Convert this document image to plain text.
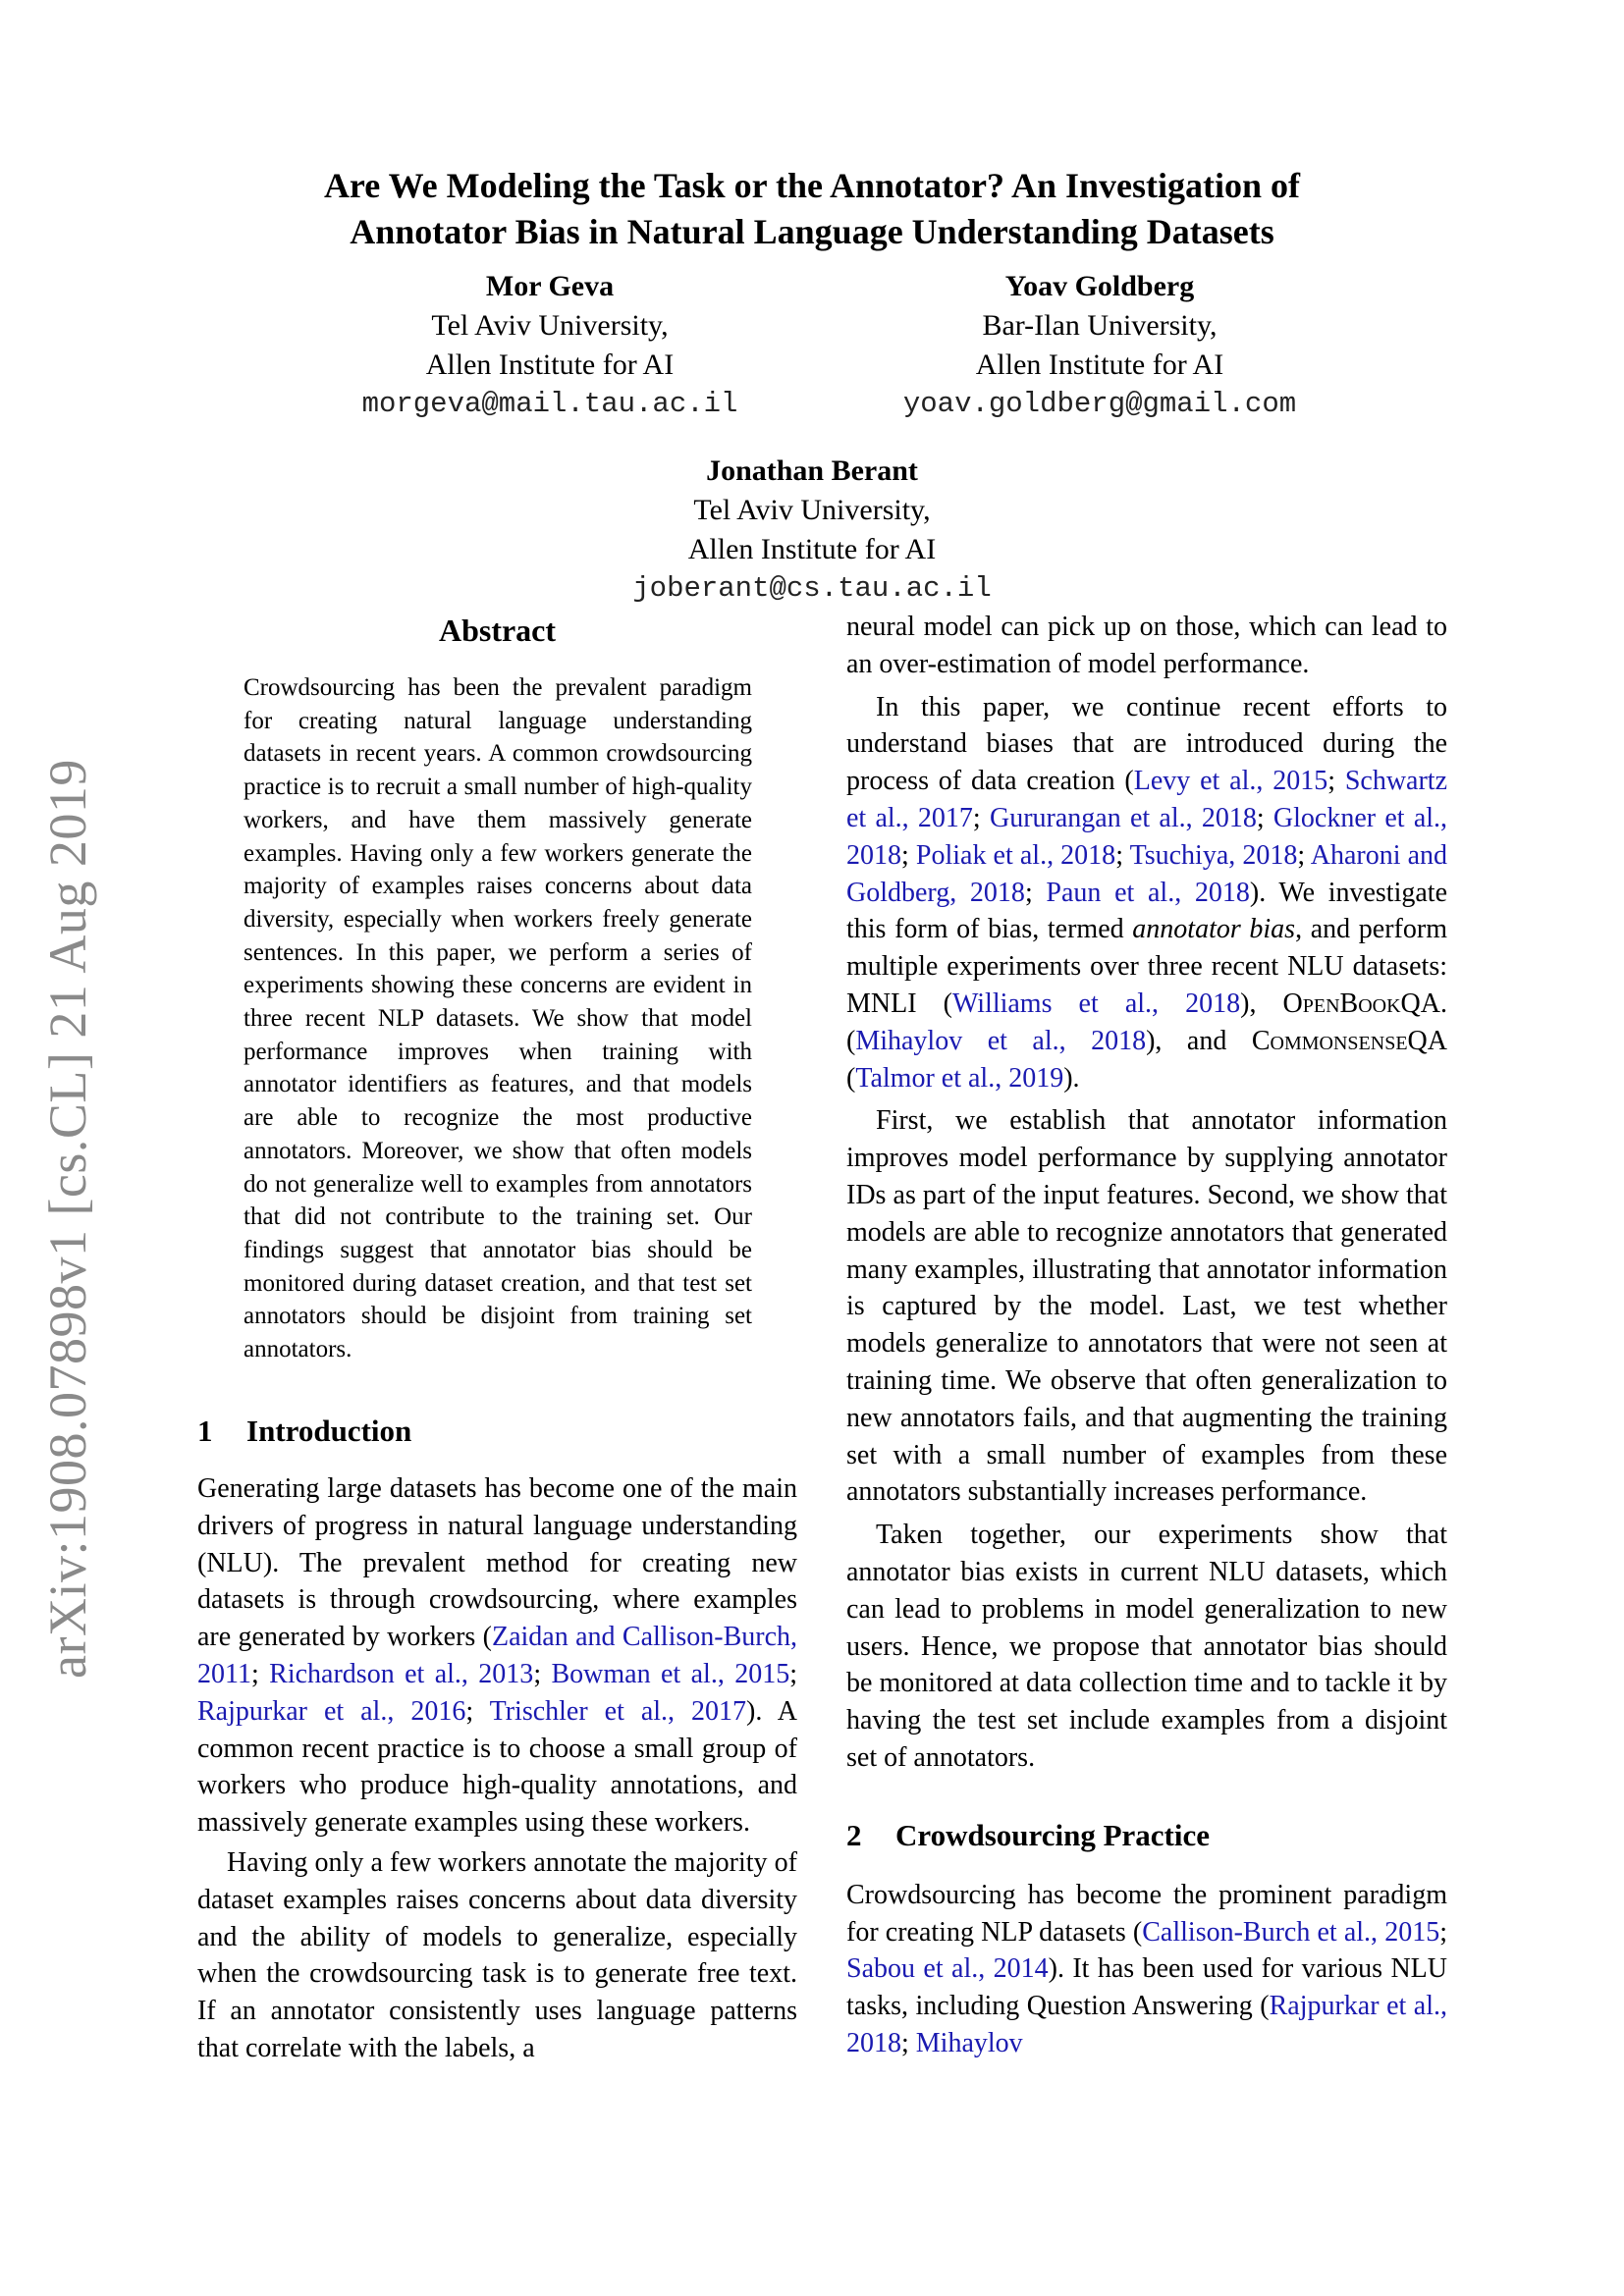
Are We Modeling the Task or the Annotator? An Investigation of
Annotator Bias in Natural Language Understanding Datasets
Mor Geva
Tel Aviv University,
Allen Institute for AI
morgeva@mail.tau.ac.il
Yoav Goldberg
Bar-Ilan University,
Allen Institute for AI
yoav.goldberg@gmail.com
Jonathan Berant
Tel Aviv University,
Allen Institute for AI
joberant@cs.tau.ac.il
arXiv:1908.07898v1 [cs.CL] 21 Aug 2019
Abstract
Crowdsourcing has been the prevalent paradigm for creating natural language understanding datasets in recent years. A common crowdsourcing practice is to recruit a small number of high-quality workers, and have them massively generate examples. Having only a few workers generate the majority of examples raises concerns about data diversity, especially when workers freely generate sentences. In this paper, we perform a series of experiments showing these concerns are evident in three recent NLP datasets. We show that model performance improves when training with annotator identifiers as features, and that models are able to recognize the most productive annotators. Moreover, we show that often models do not generalize well to examples from annotators that did not contribute to the training set. Our findings suggest that annotator bias should be monitored during dataset creation, and that test set annotators should be disjoint from training set annotators.
1 Introduction

Generating large datasets has become one of the main drivers of progress in natural language understanding (NLU). The prevalent method for creating new datasets is through crowdsourcing, where examples are generated by workers (Zaidan and Callison-Burch, 2011; Richardson et al., 2013; Bowman et al., 2015; Rajpurkar et al., 2016; Trischler et al., 2017). A common recent practice is to choose a small group of workers who produce high-quality annotations, and massively generate examples using these workers.

Having only a few workers annotate the majority of dataset examples raises concerns about data diversity and the ability of models to generalize, especially when the crowdsourcing task is to generate free text. If an annotator consistently uses language patterns that correlate with the labels, a

neural model can pick up on those, which can lead to an over-estimation of model performance.

In this paper, we continue recent efforts to understand biases that are introduced during the process of data creation (Levy et al., 2015; Schwartz et al., 2017; Gururangan et al., 2018; Glockner et al., 2018; Poliak et al., 2018; Tsuchiya, 2018; Aharoni and Goldberg, 2018; Paun et al., 2018). We investigate this form of bias, termed annotator bias, and perform multiple experiments over three recent NLU datasets: MNLI (Williams et al., 2018), OpenBookQA. (Mihaylov et al., 2018), and CommonsenseQA (Talmor et al., 2019).

First, we establish that annotator information improves model performance by supplying annotator IDs as part of the input features. Second, we show that models are able to recognize annotators that generated many examples, illustrating that annotator information is captured by the model. Last, we test whether models generalize to annotators that were not seen at training time. We observe that often generalization to new annotators fails, and that augmenting the training set with a small number of examples from these annotators substantially increases performance.

Taken together, our experiments show that annotator bias exists in current NLU datasets, which can lead to problems in model generalization to new users. Hence, we propose that annotator bias should be monitored at data collection time and to tackle it by having the test set include examples from a disjoint set of annotators.

2 Crowdsourcing Practice

Crowdsourcing has become the prominent paradigm for creating NLP datasets (Callison-Burch et al., 2015; Sabou et al., 2014). It has been used for various NLU tasks, including Question Answering (Rajpurkar et al., 2018; Mihaylov
